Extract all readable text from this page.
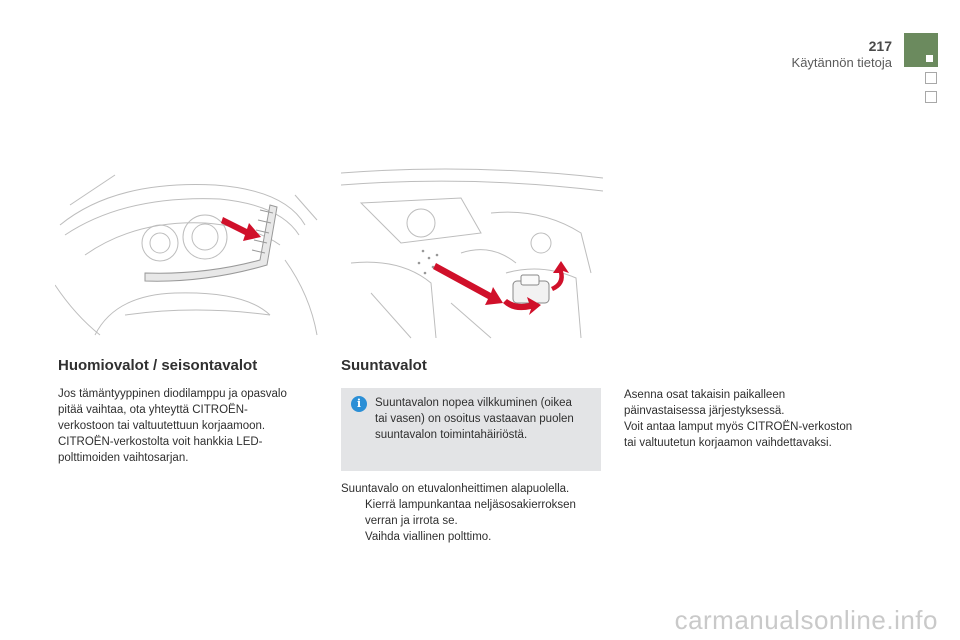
217
Käytännön tietoja
Huomiovalot / seisontavalot
Jos tämäntyyppinen diodilamppu ja opasvalo
pitää vaihtaa, ota yhteyttä CITROËN-
verkostoon tai valtuutettuun korjaamoon.
CITROËN-verkostolta voit hankkia LED-
polttimoiden vaihtosarjan.
Suuntavalot
i	Suuntavalon nopea vilkkuminen (oikea
tai vasen) on osoitus vastaavan puolen
suuntavalon toimintahäiriöstä.
Suuntavalo on etuvalonheittimen alapuolella.
Kierrä lampunkantaa neljäsosakierroksen
verran ja irrota se.
Vaihda viallinen polttimo.
Asenna osat takaisin paikalleen
päinvastaisessa järjestyksessä.
Voit antaa lamput myös CITROËN-verkoston
tai valtuutetun korjaamon vaihdettavaksi.
carmanualsonline.info
